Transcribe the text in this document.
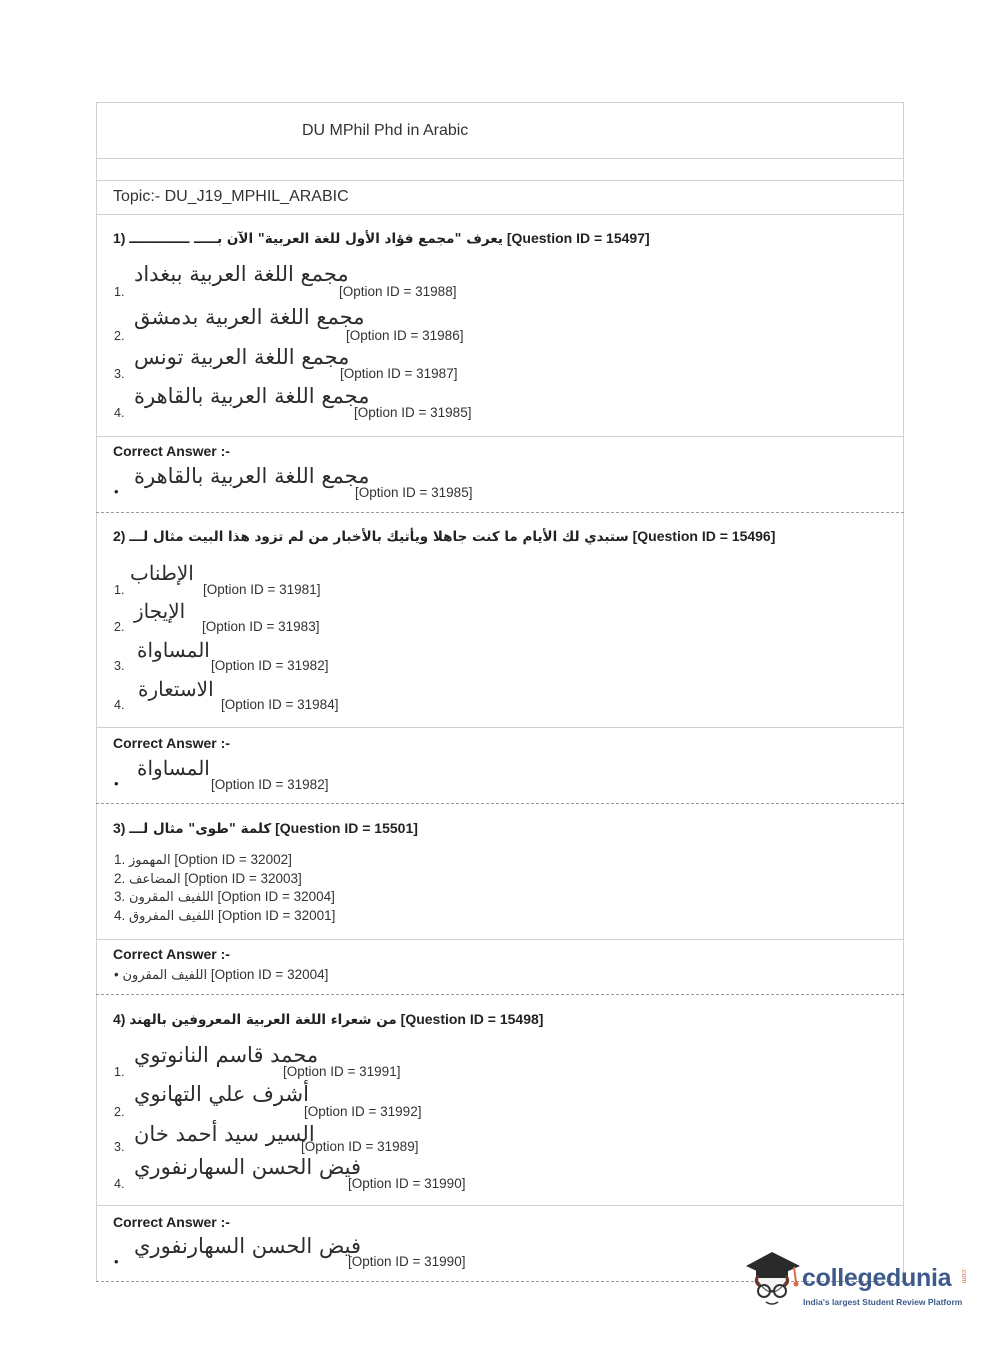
DU MPhil Phd in Arabic
Topic:- DU_J19_MPHIL_ARABIC
1) يعرف "مجمع فؤاد الأول للغة العربية" الآن بـــــ ـــــــــــــ [Question ID = 15497]
1.
مجمع اللغة العربية ببغداد
[Option ID = 31988]
2.
مجمع اللغة العربية بدمشق
[Option ID = 31986]
3.
مجمع اللغة العربية تونس
[Option ID = 31987]
4.
مجمع اللغة العربية بالقاهرة
[Option ID = 31985]
Correct Answer :-
•
مجمع اللغة العربية بالقاهرة
[Option ID = 31985]
2) ستبدي لك الأيام ما كنت جاهلا ويأتيك بالأخبار من لم تزود هذا البيت مثال لـــ [Question ID = 15496]
1.
الإطناب
[Option ID = 31981]
2.
الإيجاز
[Option ID = 31983]
3.
المساواة
[Option ID = 31982]
4.
الاستعارة
[Option ID = 31984]
Correct Answer :-
•
المساواة
[Option ID = 31982]
3) كلمة "طوى" مثال لـــ [Question ID = 15501]
1. المهموز [Option ID = 32002]
2. المضاعف [Option ID = 32003]
3. اللفيف المقرون [Option ID = 32004]
4. اللفيف المفروق [Option ID = 32001]
Correct Answer :-
• اللفيف المقرون [Option ID = 32004]
4) من شعراء اللغة العربية المعروفين بالهند [Question ID = 15498]
1.
محمد قاسم النانوتوي
[Option ID = 31991]
2.
أشرف علي التهانوي
[Option ID = 31992]
3.
السير سيد أحمد خان
[Option ID = 31989]
4.
فيض الحسن السهارنفوري
[Option ID = 31990]
Correct Answer :-
•
فيض الحسن السهارنفوري
[Option ID = 31990]
collegedunia .com
India's largest Student Review Platform
